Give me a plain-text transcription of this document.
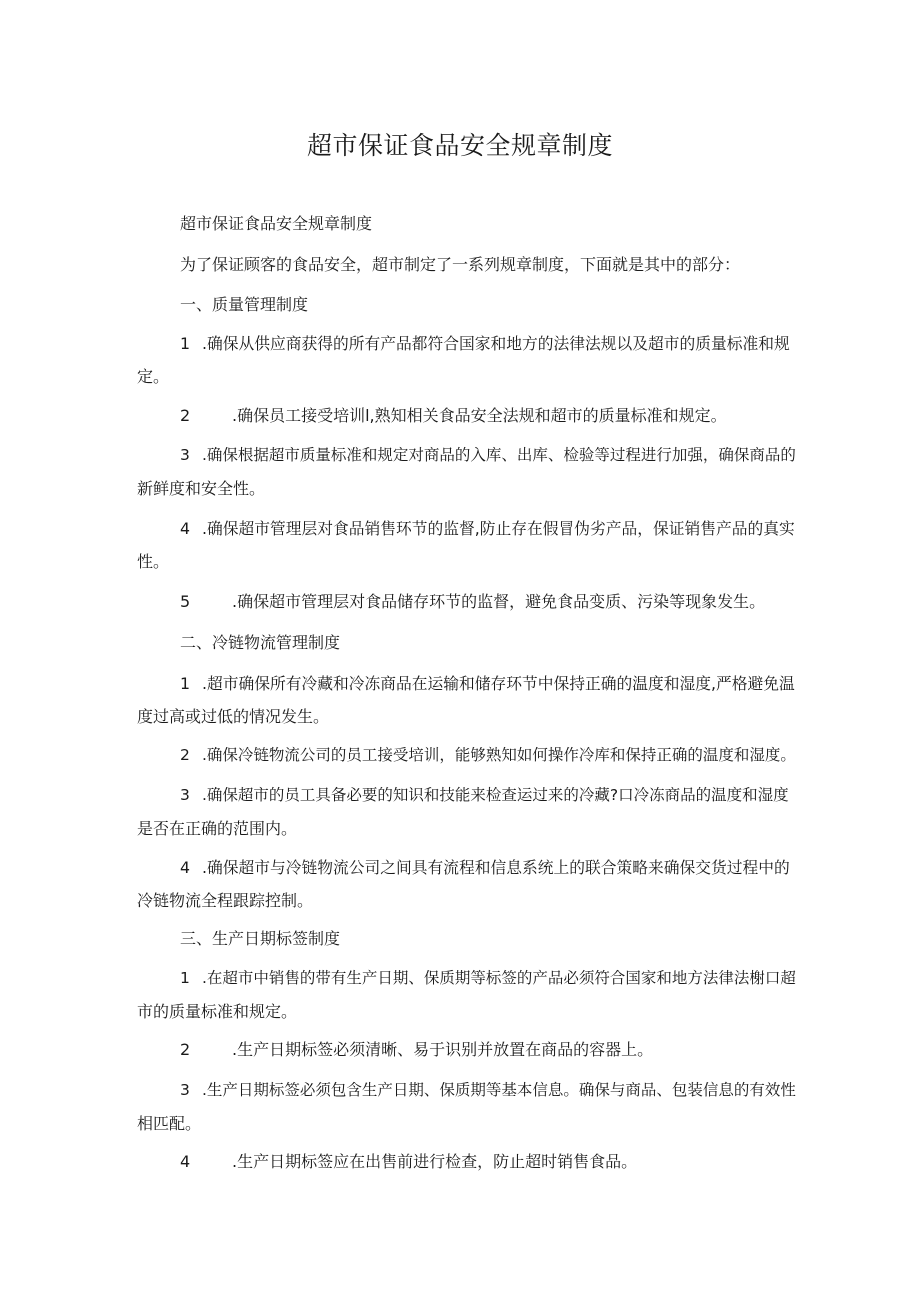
超市保证食品安全规章制度
超市保证食品安全规章制度
为了保证顾客的食品安全，超市制定了一系列规章制度，下面就是其中的部分：
一、质量管理制度
1 .确保从供应商获得的所有产品都符合国家和地方的法律法规以及超市的质量标准和规
定。
2	.确保员工接受培训l,熟知相关食品安全法规和超市的质量标准和规定。
3 .确保根据超市质量标准和规定对商品的入库、出库、检验等过程进行加强，确保商品的
新鲜度和安全性。
4 .确保超市管理层对食品销售环节的监督,防止存在假冒伪劣产品，保证销售产品的真实
性。
5	.确保超市管理层对食品储存环节的监督，避免食品变质、污染等现象发生。
二、冷链物流管理制度
1 .超市确保所有冷藏和冷冻商品在运输和储存环节中保持正确的温度和湿度,严格避免温
度过高或过低的情况发生。
2 .确保冷链物流公司的员工接受培训，能够熟知如何操作冷库和保持正确的温度和湿度。
3 .确保超市的员工具备必要的知识和技能来检查运过来的冷藏?口冷冻商品的温度和湿度
是否在正确的范围内。
4 .确保超市与冷链物流公司之间具有流程和信息系统上的联合策略来确保交货过程中的
冷链物流全程跟踪控制。
三、生产日期标签制度
1 .在超市中销售的带有生产日期、保质期等标签的产品必须符合国家和地方法律法榭口超
市的质量标准和规定。
2	.生产日期标签必须清晰、易于识别并放置在商品的容器上。
3 .生产日期标签必须包含生产日期、保质期等基本信息。确保与商品、包装信息的有效性
相匹配。
4	.生产日期标签应在出售前进行检查，防止超时销售食品。
